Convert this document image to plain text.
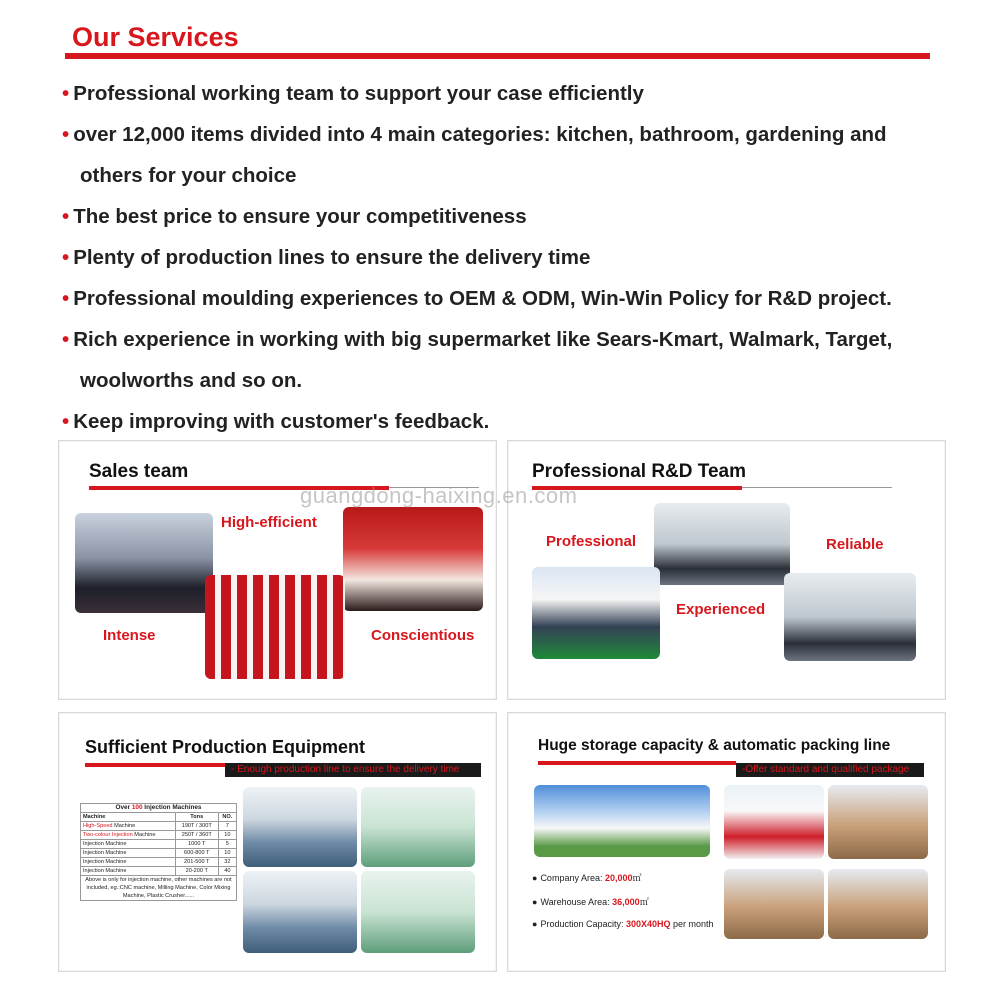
Our Services
• Professional working team to support your case efficiently
• over 12,000 items divided into 4 main categories: kitchen, bathroom, gardening and
others for your choice
• The best price to ensure your competitiveness
• Plenty of production lines to ensure the delivery time
• Professional moulding experiences to OEM & ODM, Win-Win Policy for R&D project.
• Rich experience in working with big supermarket like Sears-Kmart, Walmark, Target,
woolworths and so on.
• Keep improving with customer's feedback.
Sales team
High-efficient
Intense	Conscientious
Professional R&D Team
Professional	Reliable
Experienced
Sufficient Production Equipment
- Enough production line to ensure the delivery time
Over 100 Injection Machines		
Machine	Tons	NO.
High-Speed Machine	190T / 300T	7
Two-colour Injection Machine	250T / 360T	10
Injection Machine	1000 T	5
Injection Machine	600-800 T	10
Injection Machine	201-500 T	32
Injection Machine	20-200 T	40
Above is only for injection machine, other machines are not included, eg.:CNC machine, Milling Machine, Color Mixing Machine, Plastic Crusher......		
Huge storage capacity & automatic packing line
-Offer standard and qualified package
● Company Area: 20,000㎡
● Warehouse Area: 36,000㎡
● Production Capacity: 300X40HQ per month
guangdong-haixing.en.com
